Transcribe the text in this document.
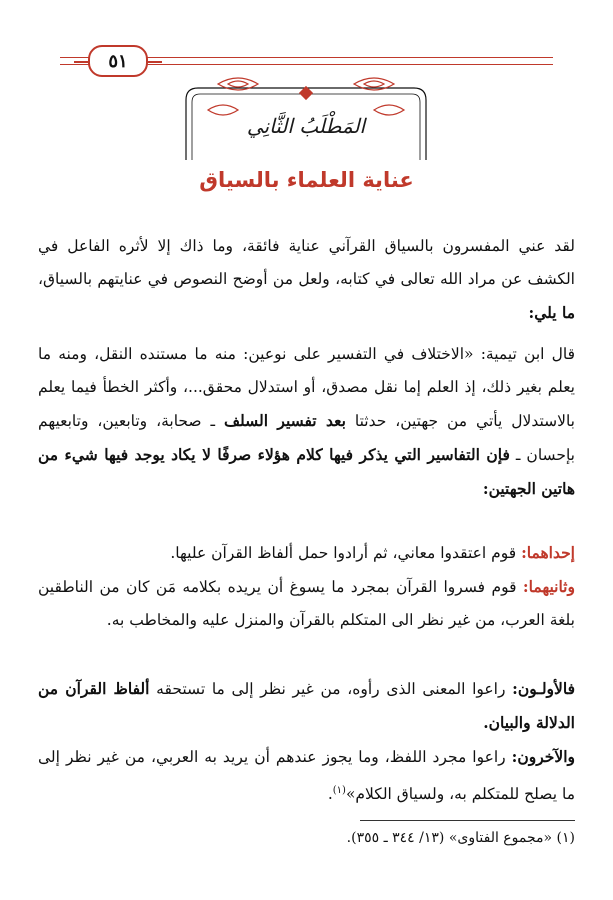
٥١
المَطْلَبُ الثَّانِي
عناية العلماء بالسياق
لقد عني المفسرون بالسياق القرآني عناية فائقة، وما ذاك إلا لأثره الفاعل في الكشف عن مراد الله تعالى في كتابه، ولعل من أوضح النصوص في عنايتهم بالسياق، ما يلي:
قال ابن تيمية: «الاختلاف في التفسير على نوعين: منه ما مستنده النقل، ومنه ما يعلم بغير ذلك، إذ العلم إما نقل مصدق، أو استدلال محقق...، وأكثر الخطأ فيما يعلم بالاستدلال يأتي من جهتين، حدثتا بعد تفسير السلف ـ صحابة، وتابعين، وتابعيهم بإحسان ـ فإن التفاسير التي يذكر فيها كلام هؤلاء صرفًا لا يكاد يوجد فيها شيء من هاتين الجهتين:
إحداهما: قوم اعتقدوا معاني، ثم أرادوا حمل ألفاظ القرآن عليها.
وثانيهما: قوم فسروا القرآن بمجرد ما يسوغ أن يريده بكلامه مَن كان من الناطقين بلغة العرب، من غير نظر الى المتكلم بالقرآن والمنزل عليه والمخاطب به.
فالأولـون: راعوا المعنى الذى رأوه، من غير نظر إلى ما تستحقه ألفاظ القرآن من الدلالة والبيان.
والآخرون: راعوا مجرد اللفظ، وما يجوز عندهم أن يريد به العربي، من غير نظر إلى ما يصلح للمتكلم به، ولسياق الكلام»$^{(١)}$.
(١) «مجموع الفتاوى» (١٣/ ٣٤٤ ـ ٣٥٥).
